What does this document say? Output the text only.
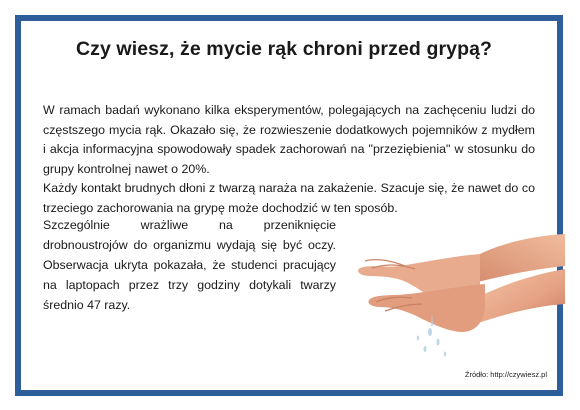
Czy wiesz, że mycie rąk chroni przed grypą?

W ramach badań wykonano kilka eksperymentów, polegających na zachęceniu ludzi do częstszego mycia rąk. Okazało się, że rozwieszenie dodatkowych pojemników z mydłem i akcja informacyjna spowodowały spadek zachorowań na "przeziębienia" w stosunku do grupy kontrolnej nawet o 20%.

Każdy kontakt brudnych dłoni z twarzą naraża na zakażenie. Szacuje się, że nawet do co trzeciego zachorowania na grypę może dochodzić w ten sposób.

Szczególnie wrażliwe na przeniknięcie drobnoustrojów do organizmu wydają się być oczy. Obserwacja ukryta pokazała, że studenci pracujący na laptopach przez trzy godziny dotykali twarzy średnio 47 razy.
Źródło: http://czywiesz.pl
